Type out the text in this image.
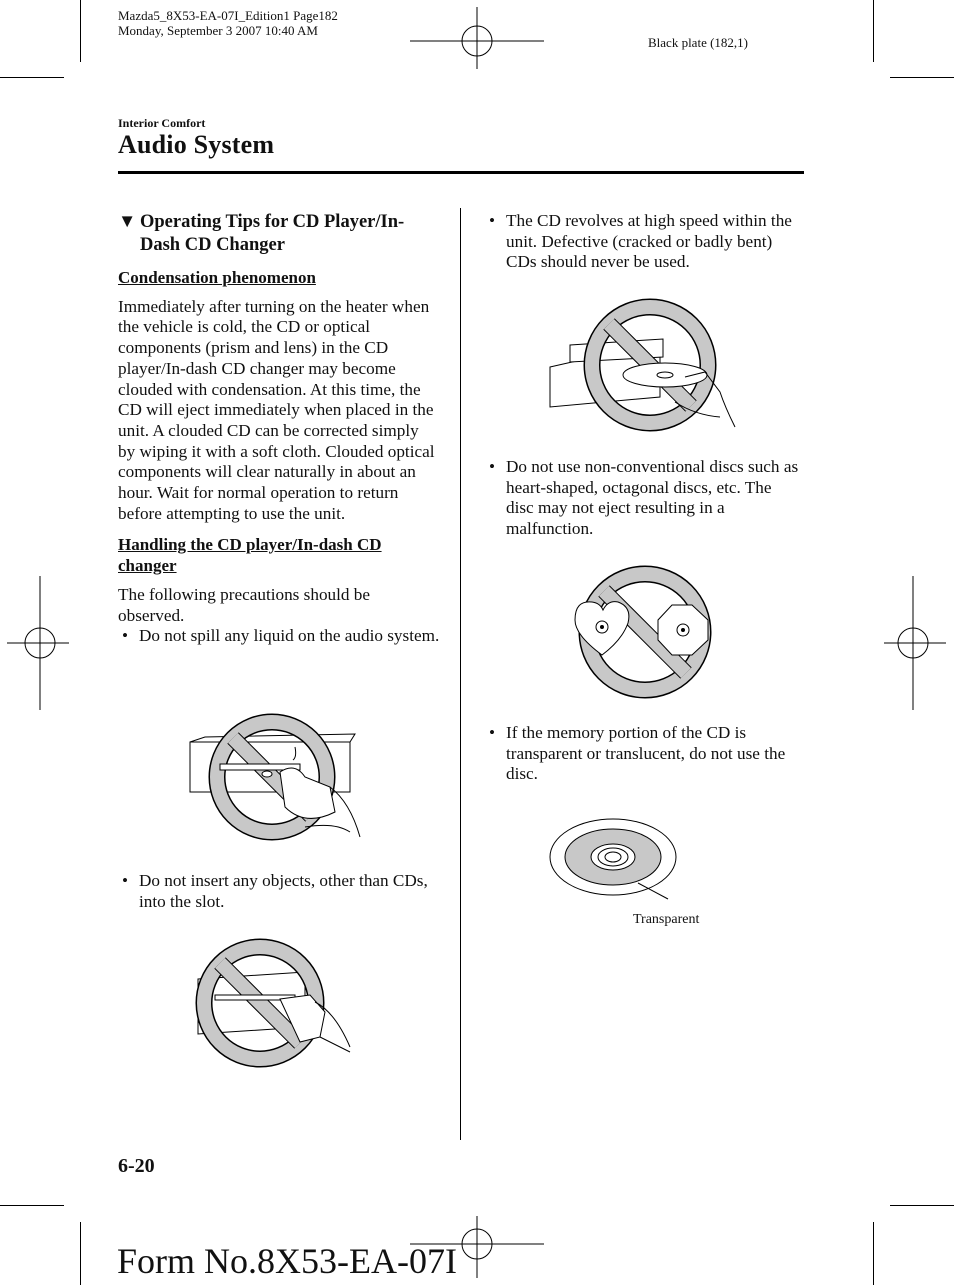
Mazda5_8X53-EA-07I_Edition1 Page182
Monday, September 3 2007 10:40 AM
Black plate (182,1)
Interior Comfort
Audio System
▼ Operating Tips for CD Player/In-Dash CD Changer
Condensation phenomenon

Immediately after turning on the heater when the vehicle is cold, the CD or optical components (prism and lens) in the CD player/In-dash CD changer may become clouded with condensation. At this time, the CD will eject immediately when placed in the unit. A clouded CD can be corrected simply by wiping it with a soft cloth. Clouded optical components will clear naturally in about an hour. Wait for normal operation to return before attempting to use the unit.

Handling the CD player/In-dash CD changer

The following precautions should be observed.

• Do not spill any liquid on the audio system.
• Do not insert any objects, other than CDs, into the slot.
• The CD revolves at high speed within the unit. Defective (cracked or badly bent) CDs should never be used.
• Do not use non-conventional discs such as heart-shaped, octagonal discs, etc. The disc may not eject resulting in a malfunction.
• If the memory portion of the CD is transparent or translucent, do not use the disc.
Transparent
6-20
Form No.8X53-EA-07I
